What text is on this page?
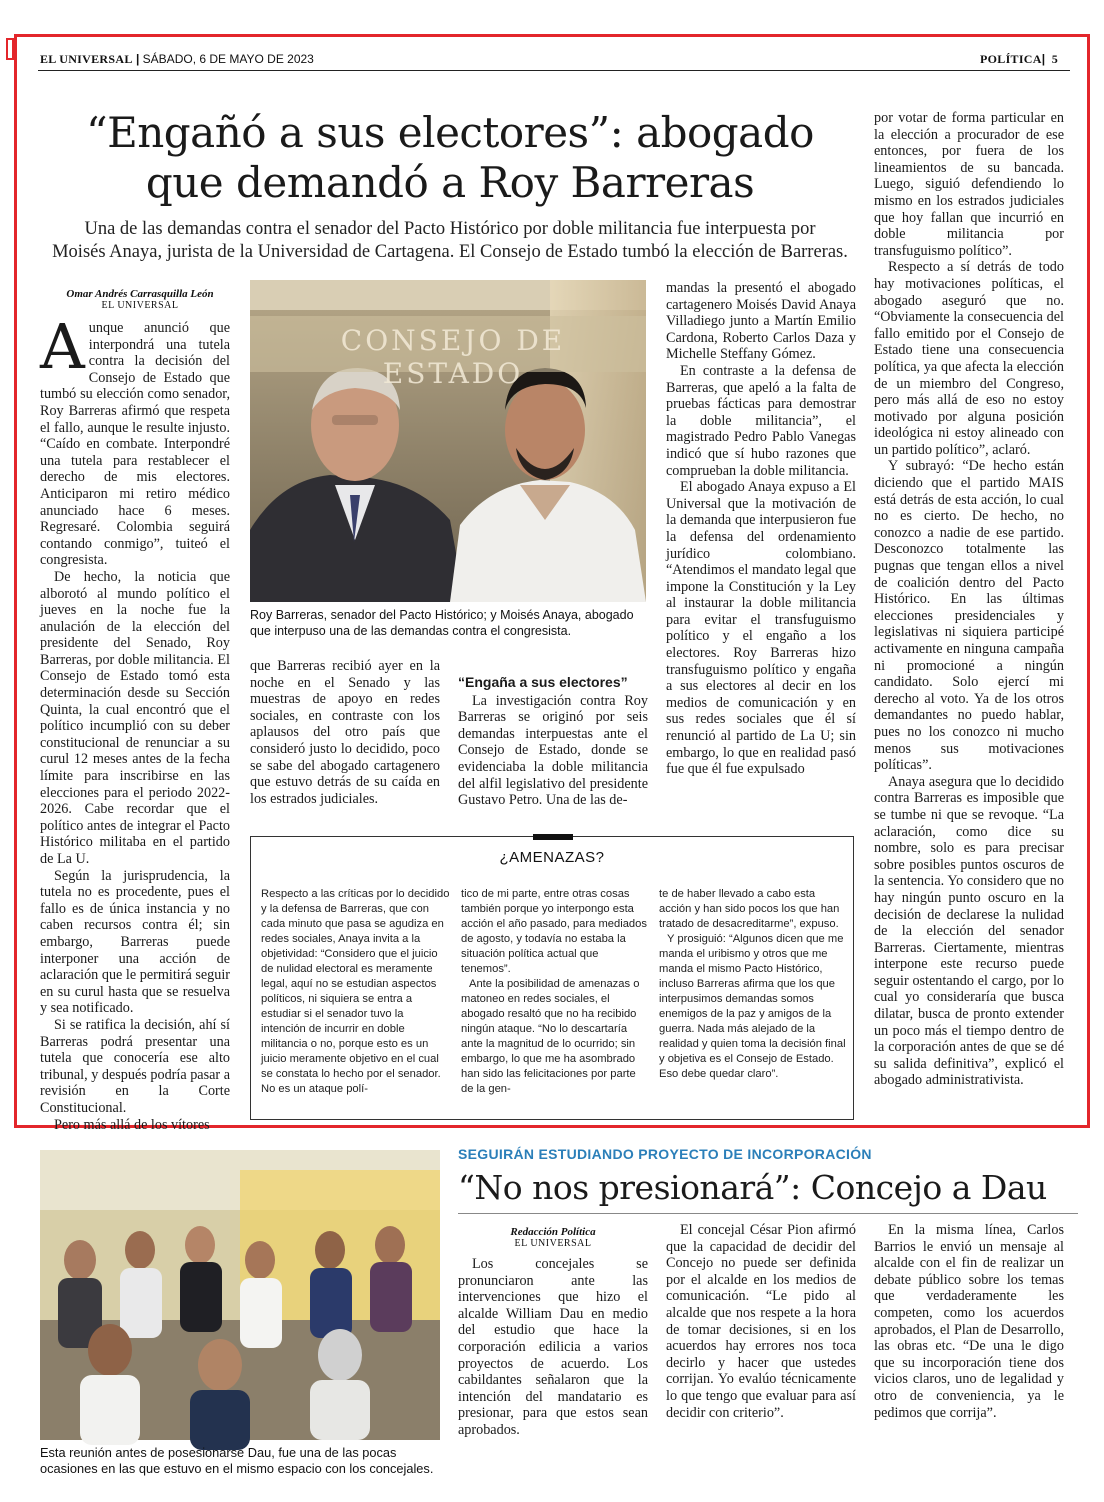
EL UNIVERSAL | SÁBADO, 6 DE MAYO DE 2023	POLÍTICA|  5
“Engañó a sus electores”: abogado
que demandó a Roy Barreras
Una de las demandas contra el senador del Pacto Histórico por doble militancia fue interpuesta por
Moisés Anaya, jurista de la Universidad de Cartagena. El Consejo de Estado tumbó la elección de Barreras.
Omar Andrés Carrasquilla León
EL UNIVERSAL

Aunque anunció que interpondrá una tutela contra la decisión del Consejo de Estado que tumbó su elección como senador, Roy Barreras afirmó que respeta el fallo, aunque le resulte injusto. “Caído en combate. Interpondré una tutela para restablecer el derecho de mis electores. Anticiparon mi retiro médico anunciado hace 6 meses. Regresaré. Colombia seguirá contando conmigo”, tuiteó el congresista.

De hecho, la noticia que alborotó al mundo político el jueves en la noche fue la anulación de la elección del presidente del Senado, Roy Barreras, por doble militancia. El Consejo de Estado tomó esta determinación desde su Sección Quinta, la cual encontró que el político incumplió con su deber constitucional de renunciar a su curul 12 meses antes de la fecha límite para inscribirse en las elecciones para el periodo 2022-2026. Cabe recordar que el político antes de integrar el Pacto Histórico militaba en el partido de La U.

Según la jurisprudencia, la tutela no es procedente, pues el fallo es de única instancia y no caben recursos contra él; sin embargo, Barreras puede interponer una acción de aclaración que le permitirá seguir en su curul hasta que se resuelva y sea notificado.

Si se ratifica la decisión, ahí sí Barreras podrá presentar una tutela que conocería ese alto tribunal, y después podría pasar a revisión en la Corte Constitucional.

Pero más allá de los vítores

CONSEJO DE ESTADO
Roy Barreras, senador del Pacto Histórico; y Moisés Anaya, abogado que interpuso una de las demandas contra el congresista.

que Barreras recibió ayer en la noche en el Senado y las muestras de apoyo en redes sociales, en contraste con los aplausos del otro país que consideró justo lo decidido, poco se sabe del abogado cartagenero que estuvo detrás de su caída en los estrados judiciales.

“Engaña a sus electores”

La investigación contra Roy Barreras se originó por seis demandas interpuestas ante el Consejo de Estado, donde se evidenciaba la doble militancia del alfil legislativo del presidente Gustavo Petro. Una de las de-

mandas la presentó el abogado cartagenero Moisés David Anaya Villadiego junto a Martín Emilio Cardona, Roberto Carlos Daza y Michelle Steffany Gómez.

En contraste a la defensa de Barreras, que apeló a la falta de pruebas fácticas para demostrar la doble militancia”, el magistrado Pedro Pablo Vanegas indicó que sí hubo razones que comprueban la doble militancia.

El abogado Anaya expuso a El Universal que la motivación de la demanda que interpusieron fue la defensa del ordenamiento jurídico colombiano. “Atendimos el mandato legal que impone la Constitución y la Ley al instaurar la doble militancia para evitar el transfuguismo político y el engaño a los electores. Roy Barreras hizo transfuguismo político y engaña a sus electores al decir en los medios de comunicación y en sus redes sociales que él sí renunció al partido de La U; sin embargo, lo que en realidad pasó fue que él fue expulsado

por votar de forma particular en la elección a procurador de ese entonces, por fuera de los lineamientos de su bancada. Luego, siguió defendiendo lo mismo en los estrados judiciales que hoy fallan que incurrió en doble militancia por transfuguismo político”.

Respecto a sí detrás de todo hay motivaciones políticas, el abogado aseguró que no. “Obviamente la consecuencia del fallo emitido por el Consejo de Estado tiene una consecuencia política, ya que afecta la elección de un miembro del Congreso, pero más allá de eso no estoy motivado por alguna posición ideológica ni estoy alineado con un partido político”, aclaró.

Y subrayó: “De hecho están diciendo que el partido MAIS está detrás de esta acción, lo cual no es cierto. De hecho, no conozco a nadie de ese partido. Desconozco totalmente las pugnas que tengan ellos a nivel de coalición dentro del Pacto Histórico. En las últimas elecciones presidenciales y legislativas ni siquiera participé activamente en ninguna campaña ni promocioné a ningún candidato. Solo ejercí mi derecho al voto. Ya de los otros demandantes no puedo hablar, pues no los conozco ni mucho menos sus motivaciones políticas”.

Anaya asegura que lo decidido contra Barreras es imposible que se tumbe ni que se revoque. “La aclaración, como dice su nombre, solo es para precisar sobre posibles puntos oscuros de la sentencia. Yo considero que no hay ningún punto oscuro en la decisión de declarese la nulidad de la elección del senador Barreras. Ciertamente, mientras interpone este recurso puede seguir ostentando el cargo, por lo cual yo consideraría que busca dilatar, busca de pronto extender un poco más el tiempo dentro de la corporación antes de que se dé su salida definitiva”, explicó el abogado administrativista.

¿AMENAZAS?
Respecto a las críticas por lo decidido y la defensa de Barreras, que con cada minuto que pasa se agudiza en redes sociales, Anaya invita a la objetividad: “Considero que el juicio de nulidad electoral es meramente legal, aquí no se estudian aspectos políticos, ni siquiera se entra a estudiar si el senador tuvo la intención de incurrir en doble militancia o no, porque esto es un juicio meramente objetivo en el cual se constata lo hecho por el senador. No es un ataque polí-
tico de mi parte, entre otras cosas también porque yo interpongo esta acción el año pasado, para mediados de agosto, y todavía no estaba la situación política actual que tenemos”.
Ante la posibilidad de amenazas o matoneo en redes sociales, el abogado resaltó que no ha recibido ningún ataque. “No lo descartaría ante la magnitud de lo ocurrido; sin embargo, lo que me ha asombrado han sido las felicitaciones por parte de la gen-
te de haber llevado a cabo esta acción y han sido pocos los que han tratado de desacreditarme”, expuso.
Y prosiguió: “Algunos dicen que me manda el uribismo y otros que me manda el mismo Pacto Histórico, incluso Barreras afirma que los que interpusimos demandas somos enemigos de la paz y amigos de la guerra. Nada más alejado de la realidad y quien toma la decisión final y objetiva es el Consejo de Estado. Eso debe quedar claro”.
Esta reunión antes de posesionarse Dau, fue una de las pocas ocasiones en las que estuvo en el mismo espacio con los concejales.
SEGUIRÁN ESTUDIANDO PROYECTO DE INCORPORACIÓN
“No nos presionará”: Concejo a Dau
Redacción Política
EL UNIVERSAL

Los concejales se pronunciaron ante las intervenciones que hizo el alcalde William Dau en medio del estudio que hace la corporación edilicia a varios proyectos de acuerdo. Los cabildantes señalaron que la intención del mandatario es presionar, para que estos sean aprobados.

El concejal César Pion afirmó que la capacidad de decidir del Concejo no puede ser definida por el alcalde en los medios de comunicación. “Le pido al alcalde que nos respete a la hora de tomar decisiones, si en los acuerdos hay errores nos toca decirlo y hacer que ustedes corrijan. Yo evalúo técnicamente lo que tengo que evaluar para así decidir con criterio”.

En la misma línea, Carlos Barrios le envió un mensaje al alcalde con el fin de realizar un debate público sobre los temas que verdaderamente les competen, como los acuerdos aprobados, el Plan de Desarrollo, las obras etc. “De una le digo que su incorporación tiene dos vicios claros, uno de legalidad y otro de conveniencia, ya le pedimos que corrija”.
